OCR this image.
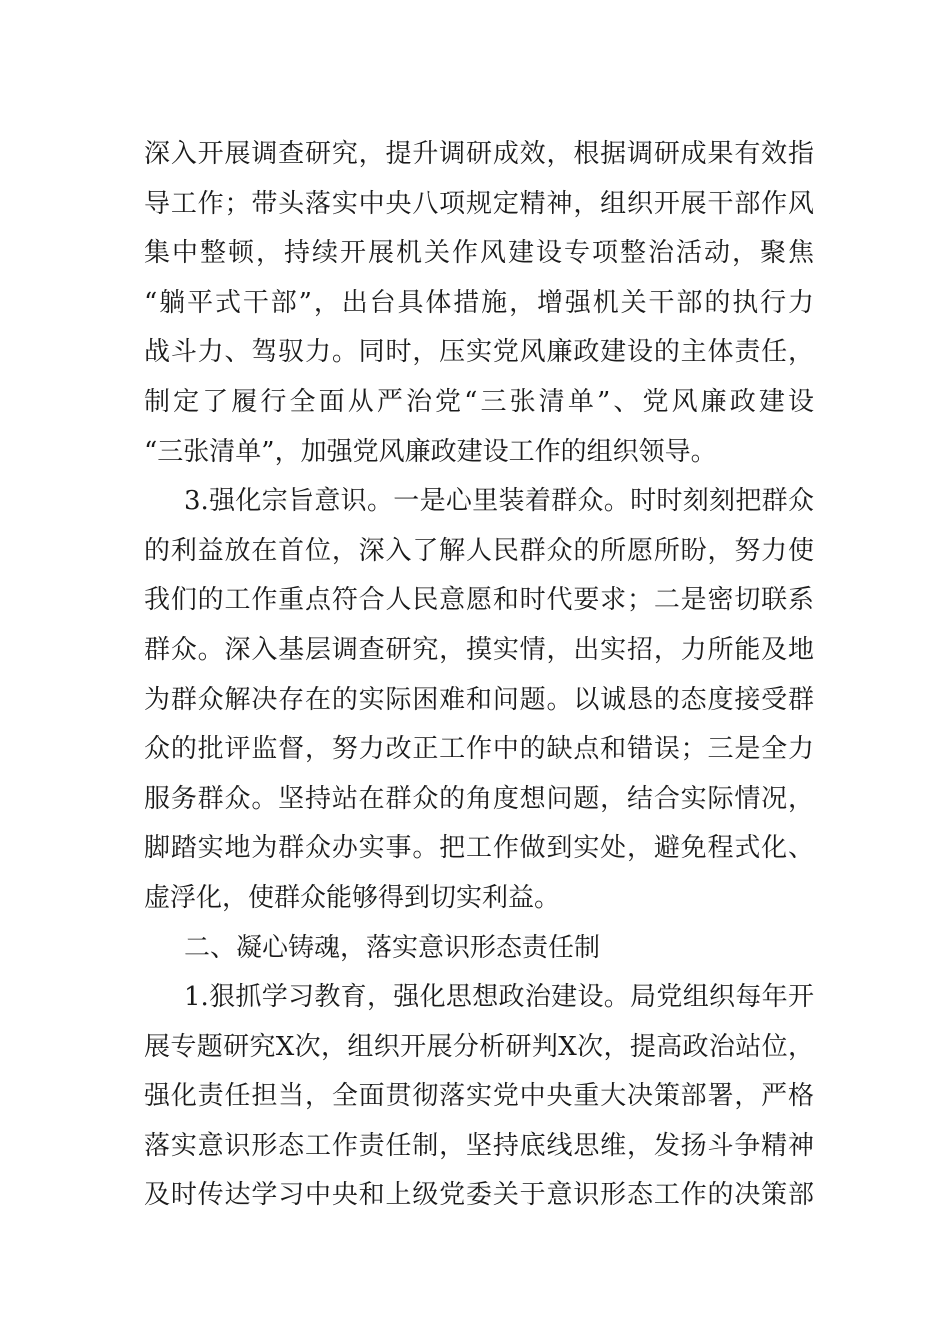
深入开展调查研究，提升调研成效，根据调研成果有效指
导工作；带头落实中央八项规定精神，组织开展干部作风
集中整顿，持续开展机关作风建设专项整治活动，聚焦
“躺平式干部”，出台具体措施，增强机关干部的执行力
战斗力、驾驭力。同时，压实党风廉政建设的主体责任，
制定了履行全面从严治党“三张清单”、党风廉政建设
“三张清单”，加强党风廉政建设工作的组织领导。
3.强化宗旨意识。一是心里装着群众。时时刻刻把群众
的利益放在首位，深入了解人民群众的所愿所盼，努力使
我们的工作重点符合人民意愿和时代要求；二是密切联系
群众。深入基层调查研究，摸实情，出实招，力所能及地
为群众解决存在的实际困难和问题。以诚恳的态度接受群
众的批评监督，努力改正工作中的缺点和错误；三是全力
服务群众。坚持站在群众的角度想问题，结合实际情况，
脚踏实地为群众办实事。把工作做到实处，避免程式化、
虚浮化，使群众能够得到切实利益。
二、凝心铸魂，落实意识形态责任制
1.狠抓学习教育，强化思想政治建设。局党组织每年开
展专题研究X次，组织开展分析研判X次，提高政治站位，
强化责任担当，全面贯彻落实党中央重大决策部署，严格
落实意识形态工作责任制，坚持底线思维，发扬斗争精神
及时传达学习中央和上级党委关于意识形态工作的决策部
